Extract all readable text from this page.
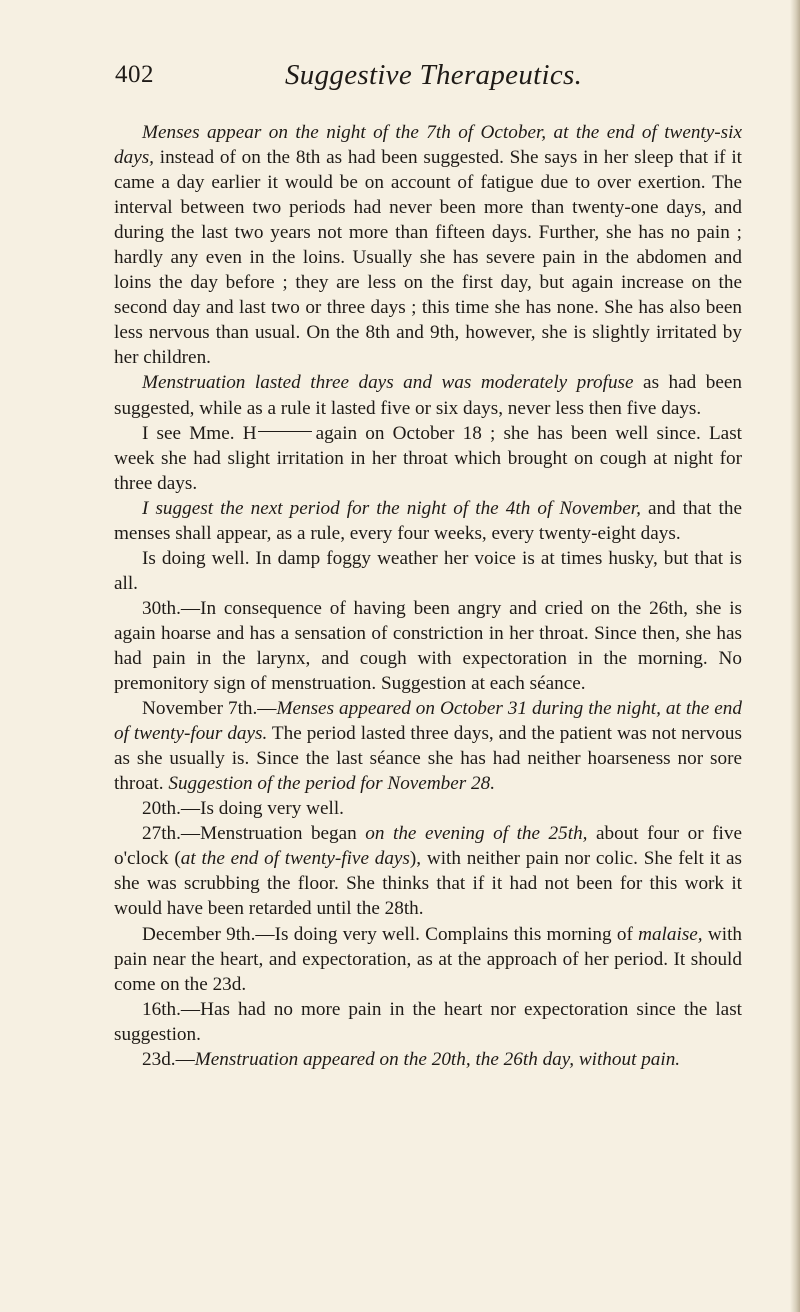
402	Suggestive Therapeutics.

Menses appear on the night of the 7th of October, at the end of twenty-six days, instead of on the 8th as had been suggested. She says in her sleep that if it came a day earlier it would be on account of fatigue due to over exertion. The interval between two periods had never been more than twenty-one days, and during the last two years not more than fifteen days. Further, she has no pain ; hardly any even in the loins. Usually she has severe pain in the abdomen and loins the day before ; they are less on the first day, but again increase on the second day and last two or three days ; this time she has none. She has also been less nervous than usual. On the 8th and 9th, however, she is slightly irritated by her children.

Menstruation lasted three days and was moderately profuse as had been suggested, while as a rule it lasted five or six days, never less then five days.

I see Mme. H	again on October 18 ; she has been well since. Last week she had slight irritation in her throat which brought on cough at night for three days.

I suggest the next period for the night of the 4th of November, and that the menses shall appear, as a rule, every four weeks, every twenty-eight days.

Is doing well. In damp foggy weather her voice is at times husky, but that is all.

30th.—In consequence of having been angry and cried on the 26th, she is again hoarse and has a sensation of constriction in her throat. Since then, she has had pain in the larynx, and cough with expectoration in the morning. No premonitory sign of menstruation. Suggestion at each séance.

November 7th.—Menses appeared on October 31 during the night, at the end of twenty-four days. The period lasted three days, and the patient was not nervous as she usually is. Since the last séance she has had neither hoarseness nor sore throat. Suggestion of the period for November 28.

20th.—Is doing very well.

27th.—Menstruation began on the evening of the 25th, about four or five o'clock (at the end of twenty-five days), with neither pain nor colic. She felt it as she was scrubbing the floor. She thinks that if it had not been for this work it would have been retarded until the 28th.

December 9th.—Is doing very well. Complains this morning of malaise, with pain near the heart, and expectoration, as at the approach of her period. It should come on the 23d.

16th.—Has had no more pain in the heart nor expectoration since the last suggestion.

23d.—Menstruation appeared on the 20th, the 26th day, without pain.
